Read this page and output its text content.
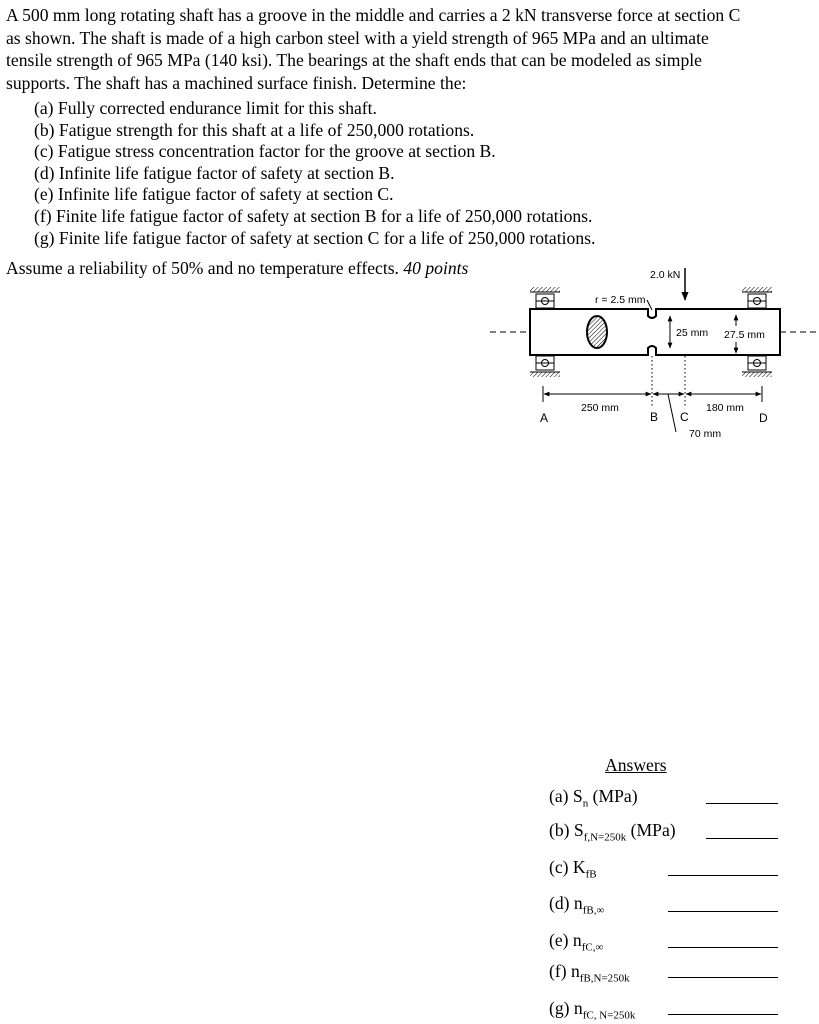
A 500 mm long rotating shaft has a groove in the middle and carries a 2 kN transverse force at section C
as shown. The shaft is made of a high carbon steel with a yield strength of 965 MPa and an ultimate
tensile strength of 965 MPa (140 ksi). The bearings at the shaft ends that can be modeled as simple
supports. The shaft has a machined surface finish. Determine the:
(a) Fully corrected endurance limit for this shaft.
(b) Fatigue strength for this shaft at a life of 250,000 rotations.
(c) Fatigue stress concentration factor for the groove at section B.
(d) Infinite life fatigue factor of safety at section B.
(e) Infinite life fatigue factor of safety at section C.
(f) Finite life fatigue factor of safety at section B for a life of 250,000 rotations.
(g) Finite life fatigue factor of safety at section C for a life of 250,000 rotations.
Assume a reliability of 50% and no temperature effects. 40 points	2.0 kN
r = 2.5 mm
25 mm 27.5 mm
250 mm	180 mm
70 mm
A	B C	D
Answers
(a) $S_n$ (MPa)
(b) $S_{f,N=250k}$ (MPa)
(c) $K_{fB}$
(d) $n_{fB,\infty}$
(e) $n_{fC,\infty}$
(f) $n_{fB,N=250k}$
(g) $n_{fC, N=250k}$
